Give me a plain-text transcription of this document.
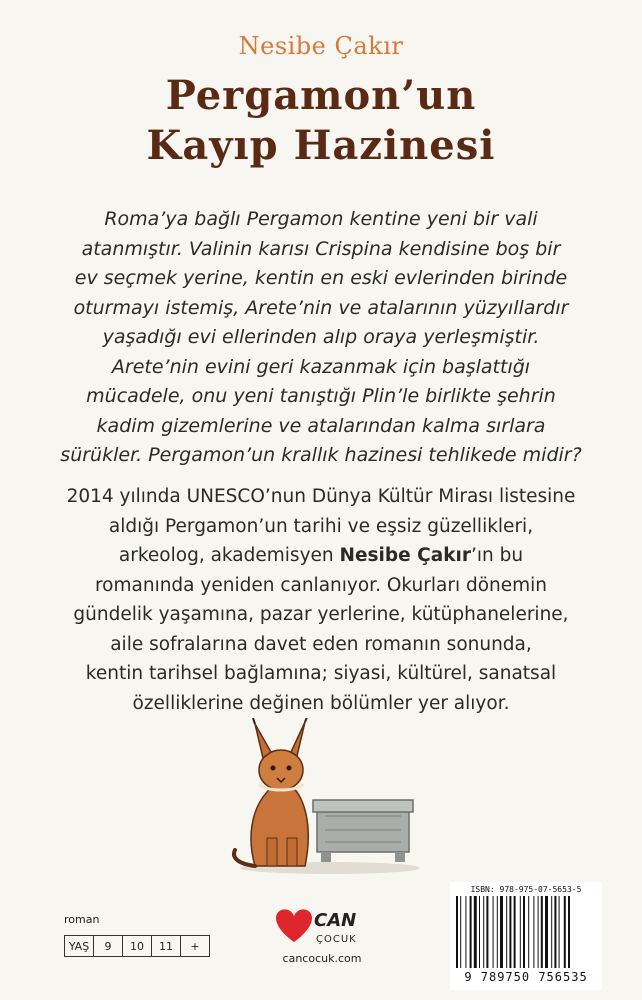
Nesibe Çakır
Pergamon’un
Kayıp Hazinesi
Roma’ya bağlı Pergamon kentine yeni bir vali
atanmıştır. Valinin karısı Crispina kendisine boş bir
ev seçmek yerine, kentin en eski evlerinden birinde
oturmayı istemiş, Arete’nin ve atalarının yüzyıllardır
yaşadığı evi ellerinden alıp oraya yerleşmiştir.
Arete’nin evini geri kazanmak için başlattığı
mücadele, onu yeni tanıştığı Plin’le birlikte şehrin
kadim gizemlerine ve atalarından kalma sırlara
sürükler. Pergamon’un krallık hazinesi tehlikede midir?
2014 yılında UNESCO’nun Dünya Kültür Mirası listesine
aldığı Pergamon’un tarihi ve eşsiz güzellikleri,
arkeolog, akademisyen Nesibe Çakır’ın bu
romanında yeniden canlanıyor. Okurları dönemin
gündelik yaşamına, pazar yerlerine, kütüphanelerine,
aile sofralarına davet eden romanın sonunda,
kentin tarihsel bağlamına; siyasi, kültürel, sanatsal
özelliklerine değinen bölümler yer alıyor.
roman
YAŞ	9	10	11	+
CAN
ÇOCUK
cancocuk.com
ISBN: 978-975-07-5653-5
9 789750 756535
